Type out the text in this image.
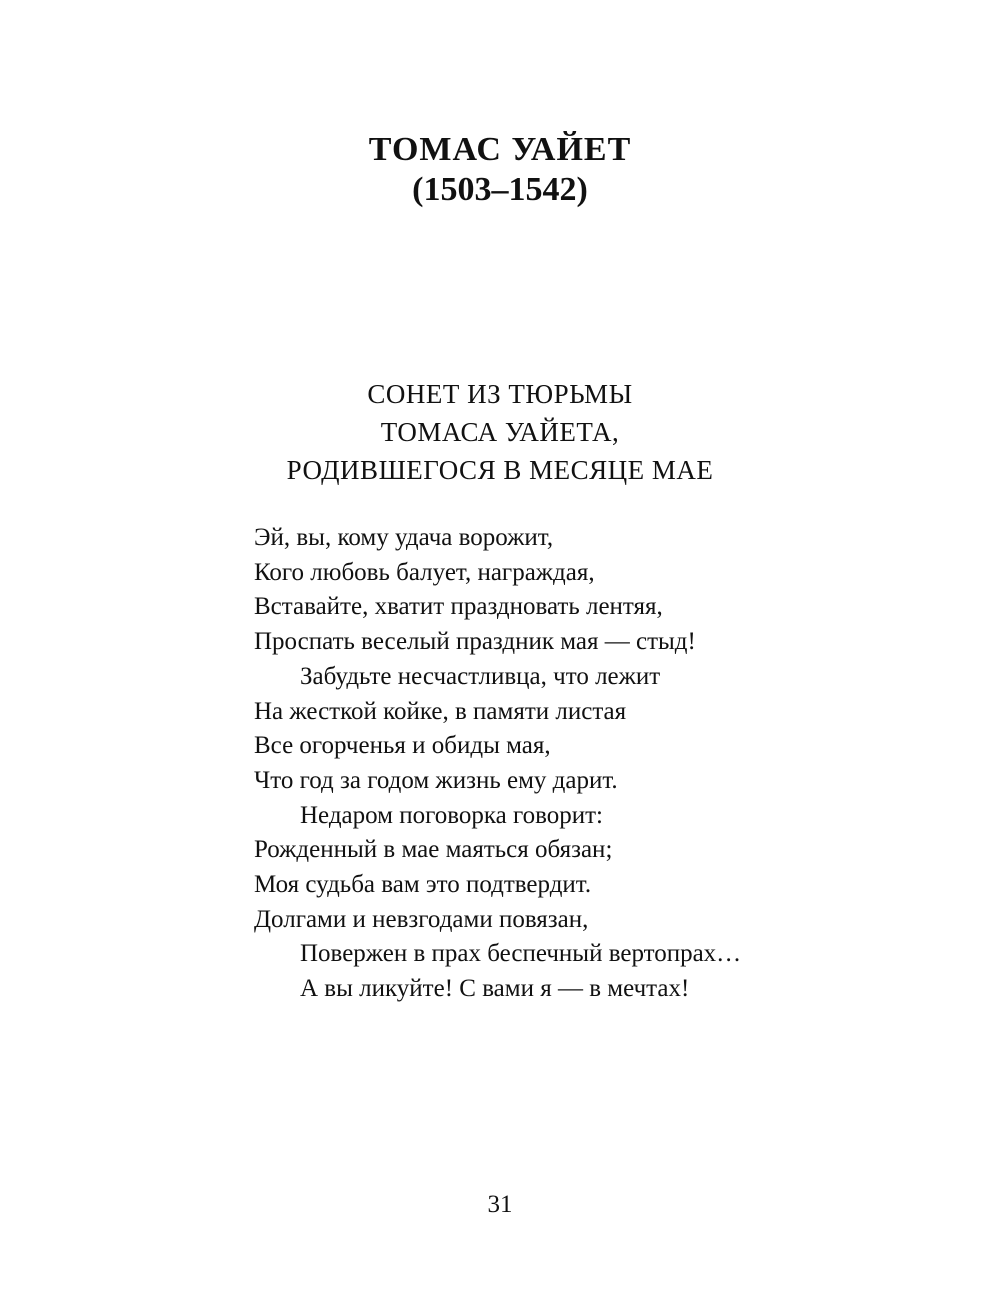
ТОМАС УАЙЕТ
(1503–1542)
СОНЕТ ИЗ ТЮРЬМЫ
ТОМАСА УАЙЕТА,
РОДИВШЕГОСЯ В МЕСЯЦЕ МАЕ
Эй, вы, кому удача ворожит,
Кого любовь балует, награждая,
Вставайте, хватит праздновать лентяя,
Проспать веселый праздник мая — стыд!
Забудьте несчастливца, что лежит
На жесткой койке, в памяти листая
Все огорченья и обиды мая,
Что год за годом жизнь ему дарит.
Недаром поговорка говорит:
Рожденный в мае маяться обязан;
Моя судьба вам это подтвердит.
Долгами и невзгодами повязан,
Повержен в прах беспечный вертопрах…
А вы ликуйте! С вами я — в мечтах!
31
